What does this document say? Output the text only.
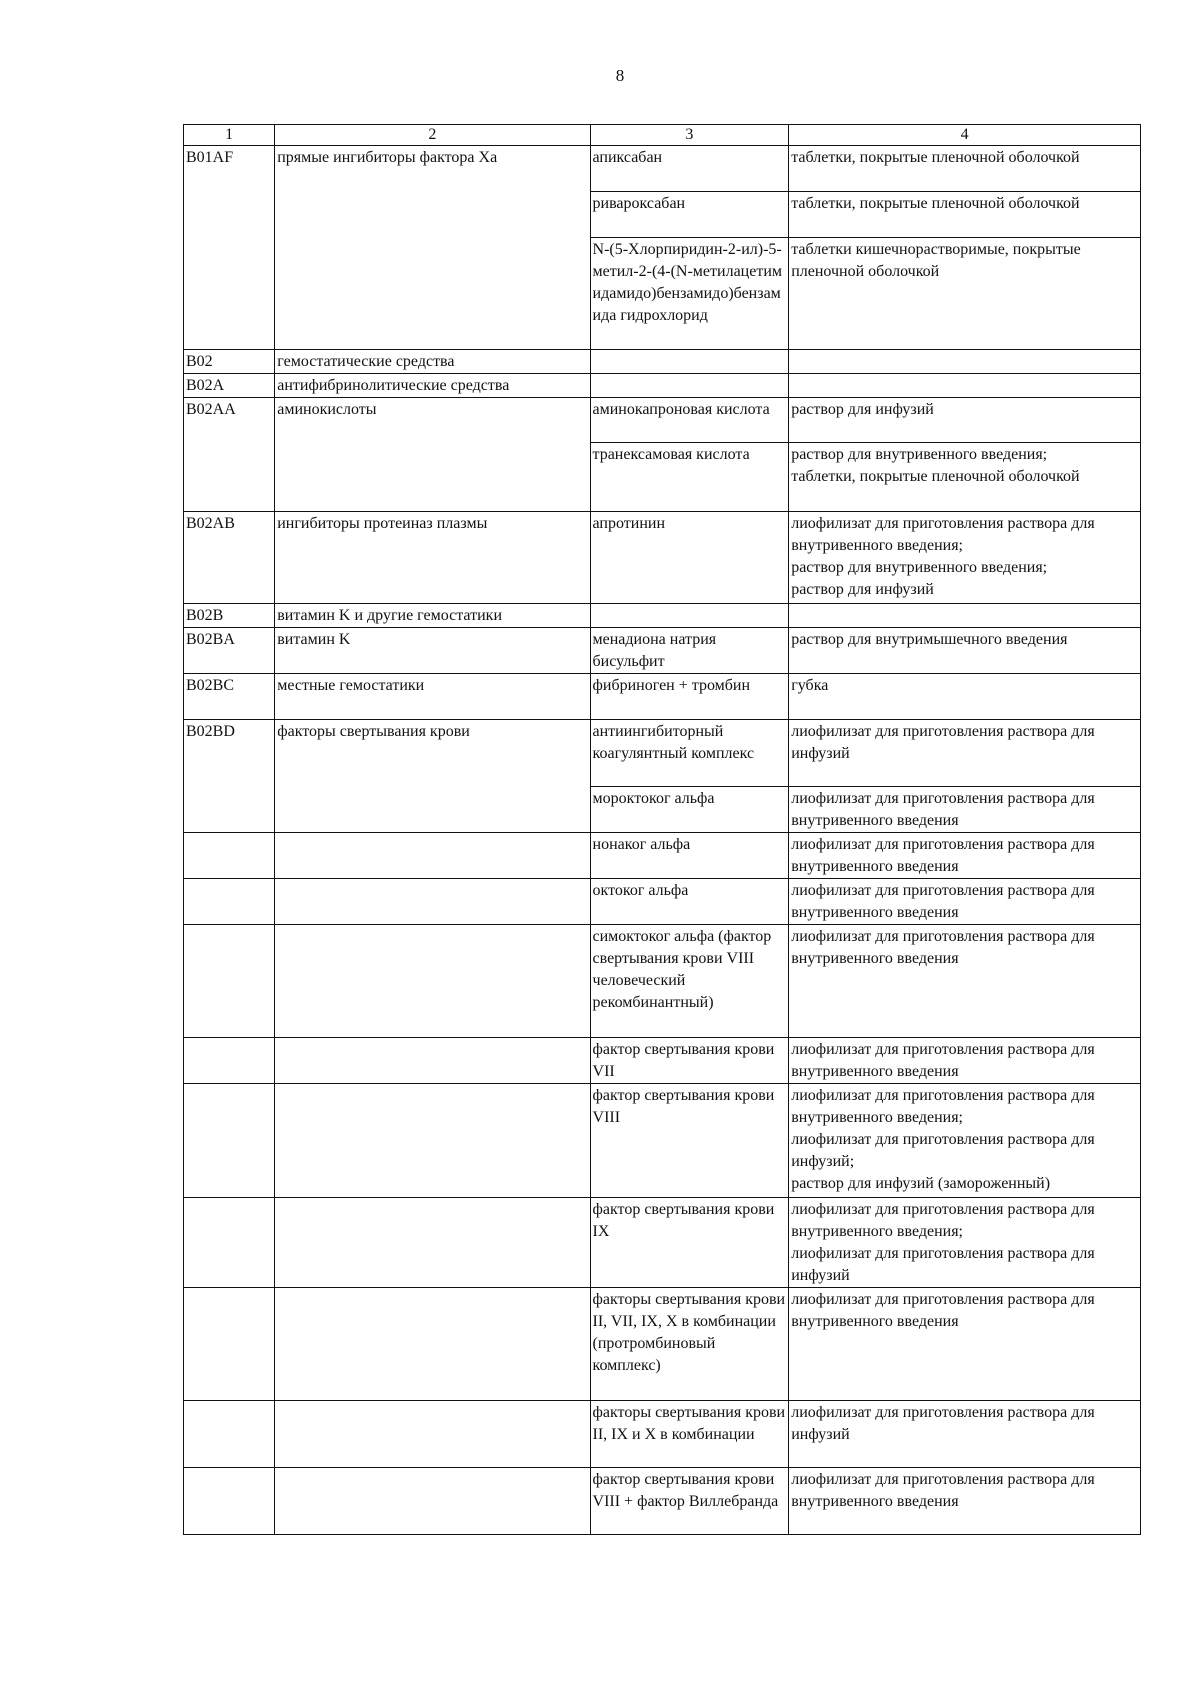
8
1	2	3	4
B01AF	прямые ингибиторы фактора Xa	апиксабан	таблетки, покрытые пленочной оболочкой
		ривароксабан	таблетки, покрытые пленочной оболочкой
		N-(5-Хлорпиридин-2-ил)-5-метил-2-(4-(N-метилацетимидамидо)бензамидо)бензамида гидрохлорид	таблетки кишечнорастворимые, покрытые пленочной оболочкой
B02	гемостатические средства		
B02A	антифибринолитические средства		
B02AA	аминокислоты	аминокапроновая кислота	раствор для инфузий
		транексамовая кислота	раствор для внутривенного введения;
таблетки, покрытые пленочной оболочкой
B02AB	ингибиторы протеиназ плазмы	апротинин	лиофилизат для приготовления раствора для внутривенного введения;
раствор для внутривенного введения;
раствор для инфузий
B02B	витамин K и другие гемостатики		
B02BA	витамин K	менадиона натрия бисульфит	раствор для внутримышечного введения
B02BC	местные гемостатики	фибриноген + тромбин	губка
B02BD	факторы свертывания крови	антиингибиторный коагулянтный комплекс	лиофилизат для приготовления раствора для инфузий
		мороктоког альфа	лиофилизат для приготовления раствора для внутривенного введения
		нонаког альфа	лиофилизат для приготовления раствора для внутривенного введения
		октоког альфа	лиофилизат для приготовления раствора для внутривенного введения
		симоктоког альфа (фактор свертывания крови VIII человеческий рекомбинантный)	лиофилизат для приготовления раствора для внутривенного введения
		фактор свертывания крови VII	лиофилизат для приготовления раствора для внутривенного введения
		фактор свертывания крови VIII	лиофилизат для приготовления раствора для внутривенного введения;
лиофилизат для приготовления раствора для инфузий;
раствор для инфузий (замороженный)
		фактор свертывания крови IX	лиофилизат для приготовления раствора для внутривенного введения;
лиофилизат для приготовления раствора для инфузий
		факторы свертывания крови II, VII, IX, X в комбинации (протромбиновый комплекс)	лиофилизат для приготовления раствора для внутривенного введения
		факторы свертывания крови II, IX и X в комбинации	лиофилизат для приготовления раствора для инфузий
		фактор свертывания крови VIII + фактор Виллебранда	лиофилизат для приготовления раствора для внутривенного введения
